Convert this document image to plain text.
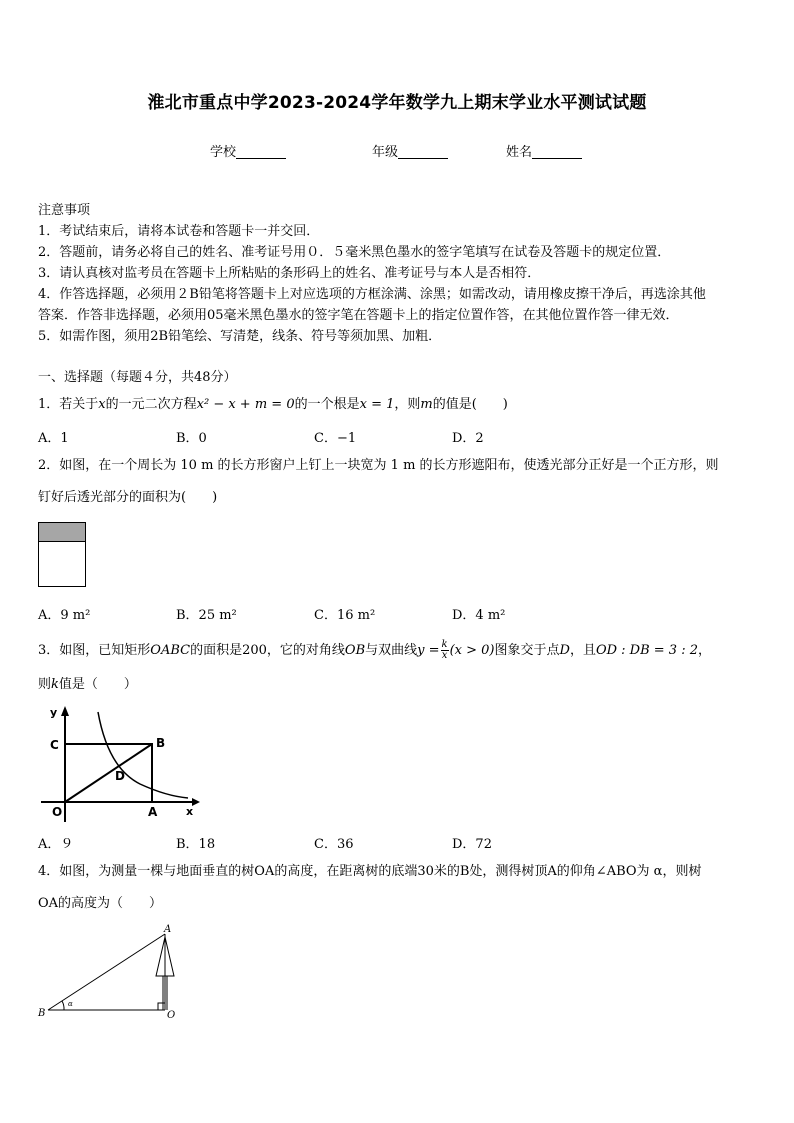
淮北市重点中学2023-2024学年数学九上期末学业水平测试试题
学校	年级	姓名
注意事项
1．考试结束后，请将本试卷和答题卡一并交回．
2．答题前，请务必将自己的姓名、准考证号用０．５毫米黑色墨水的签字笔填写在试卷及答题卡的规定位置．
3．请认真核对监考员在答题卡上所粘贴的条形码上的姓名、准考证号与本人是否相符．
4．作答选择题，必须用２B铅笔将答题卡上对应选项的方框涂满、涂黑；如需改动，请用橡皮擦干净后，再选涂其他
答案．作答非选择题，必须用05毫米黑色墨水的签字笔在答题卡上的指定位置作答，在其他位置作答一律无效．
5．如需作图，须用2B铅笔绘、写清楚，线条、符号等须加黑、加粗．
一、选择题（每题４分，共48分）
1．若关于x的一元二次方程x² − x + m = 0的一个根是x = 1，则m的值是(　　)
A．1	B．0	C．−1	D．2
2．如图，在一个周长为 10 m 的长方形窗户上钉上一块宽为 1 m 的长方形遮阳布，使透光部分正好是一个正方形，则
钉好后透光部分的面积为(　　)
A．9 m²	B．25 m²	C．16 m²	D．4 m²
3．如图，已知矩形OABC的面积是200，它的对角线OB与双曲线$y = \frac{k}{x} (x > 0)$图象交于点D，且OD : DB = 3 : 2，
则k值是（　　）
y
C	B
D
O	A	x
A．９	B．18	C．36	D．72
4．如图，为测量一棵与地面垂直的树OA的高度，在距离树的底端30米的B处，测得树顶A的仰角∠ABO为 α，则树
OA的高度为（　　）
α
A
B	O
